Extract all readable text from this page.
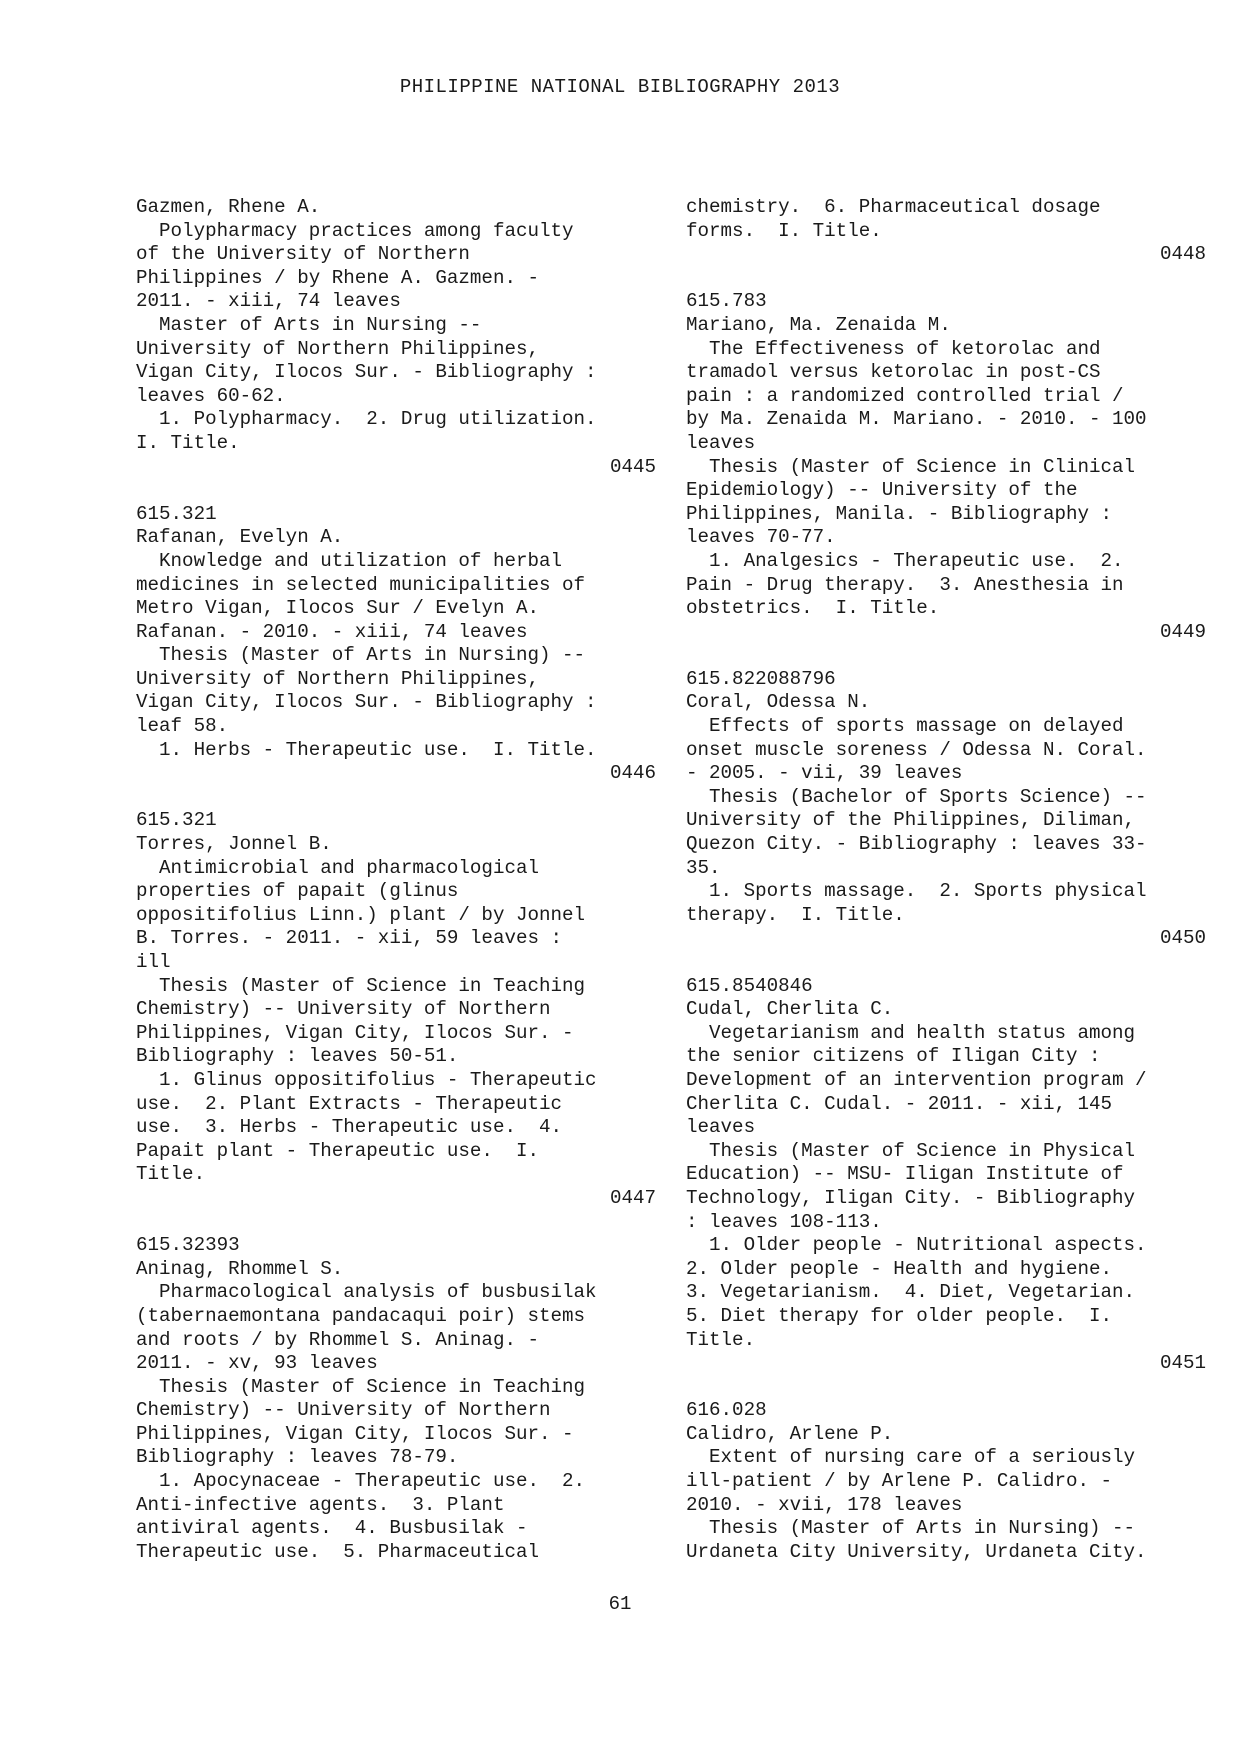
PHILIPPINE NATIONAL BIBLIOGRAPHY 2013
Gazmen, Rhene A.
Polypharmacy practices among faculty
of the University of Northern
Philippines / by Rhene A. Gazmen. -
2011. - xiii, 74 leaves
Master of Arts in Nursing --
University of Northern Philippines,
Vigan City, Ilocos Sur. - Bibliography :
leaves 60-62.
1. Polypharmacy.  2. Drug utilization.
I. Title.
0445
615.321
Rafanan, Evelyn A.
Knowledge and utilization of herbal
medicines in selected municipalities of
Metro Vigan, Ilocos Sur / Evelyn A.
Rafanan. - 2010. - xiii, 74 leaves
Thesis (Master of Arts in Nursing) --
University of Northern Philippines,
Vigan City, Ilocos Sur. - Bibliography :
leaf 58.
1. Herbs - Therapeutic use.  I. Title.
0446
615.321
Torres, Jonnel B.
Antimicrobial and pharmacological
properties of papait (glinus
oppositifolius Linn.) plant / by Jonnel
B. Torres. - 2011. - xii, 59 leaves :
ill
Thesis (Master of Science in Teaching
Chemistry) -- University of Northern
Philippines, Vigan City, Ilocos Sur. -
Bibliography : leaves 50-51.
1. Glinus oppositifolius - Therapeutic
use.  2. Plant Extracts - Therapeutic
use.  3. Herbs - Therapeutic use.  4.
Papait plant - Therapeutic use.  I.
Title.
0447
615.32393
Aninag, Rhommel S.
Pharmacological analysis of busbusilak
(tabernaemontana pandacaqui poir) stems
and roots / by Rhommel S. Aninag. -
2011. - xv, 93 leaves
Thesis (Master of Science in Teaching
Chemistry) -- University of Northern
Philippines, Vigan City, Ilocos Sur. -
Bibliography : leaves 78-79.
1. Apocynaceae - Therapeutic use.  2.
Anti-infective agents.  3. Plant
antiviral agents.  4. Busbusilak -
Therapeutic use.  5. Pharmaceutical
chemistry.  6. Pharmaceutical dosage
forms.  I. Title.
0448
615.783
Mariano, Ma. Zenaida M.
The Effectiveness of ketorolac and
tramadol versus ketorolac in post-CS
pain : a randomized controlled trial /
by Ma. Zenaida M. Mariano. - 2010. - 100
leaves
Thesis (Master of Science in Clinical
Epidemiology) -- University of the
Philippines, Manila. - Bibliography :
leaves 70-77.
1. Analgesics - Therapeutic use.  2.
Pain - Drug therapy.  3. Anesthesia in
obstetrics.  I. Title.
0449
615.822088796
Coral, Odessa N.
Effects of sports massage on delayed
onset muscle soreness / Odessa N. Coral.
- 2005. - vii, 39 leaves
Thesis (Bachelor of Sports Science) --
University of the Philippines, Diliman,
Quezon City. - Bibliography : leaves 33-
35.
1. Sports massage.  2. Sports physical
therapy.  I. Title.
0450
615.8540846
Cudal, Cherlita C.
Vegetarianism and health status among
the senior citizens of Iligan City :
Development of an intervention program /
Cherlita C. Cudal. - 2011. - xii, 145
leaves
Thesis (Master of Science in Physical
Education) -- MSU- Iligan Institute of
Technology, Iligan City. - Bibliography
: leaves 108-113.
1. Older people - Nutritional aspects.
2. Older people - Health and hygiene.
3. Vegetarianism.  4. Diet, Vegetarian.
5. Diet therapy for older people.  I.
Title.
0451
616.028
Calidro, Arlene P.
Extent of nursing care of a seriously
ill-patient / by Arlene P. Calidro. -
2010. - xvii, 178 leaves
Thesis (Master of Arts in Nursing) --
Urdaneta City University, Urdaneta City.
61
